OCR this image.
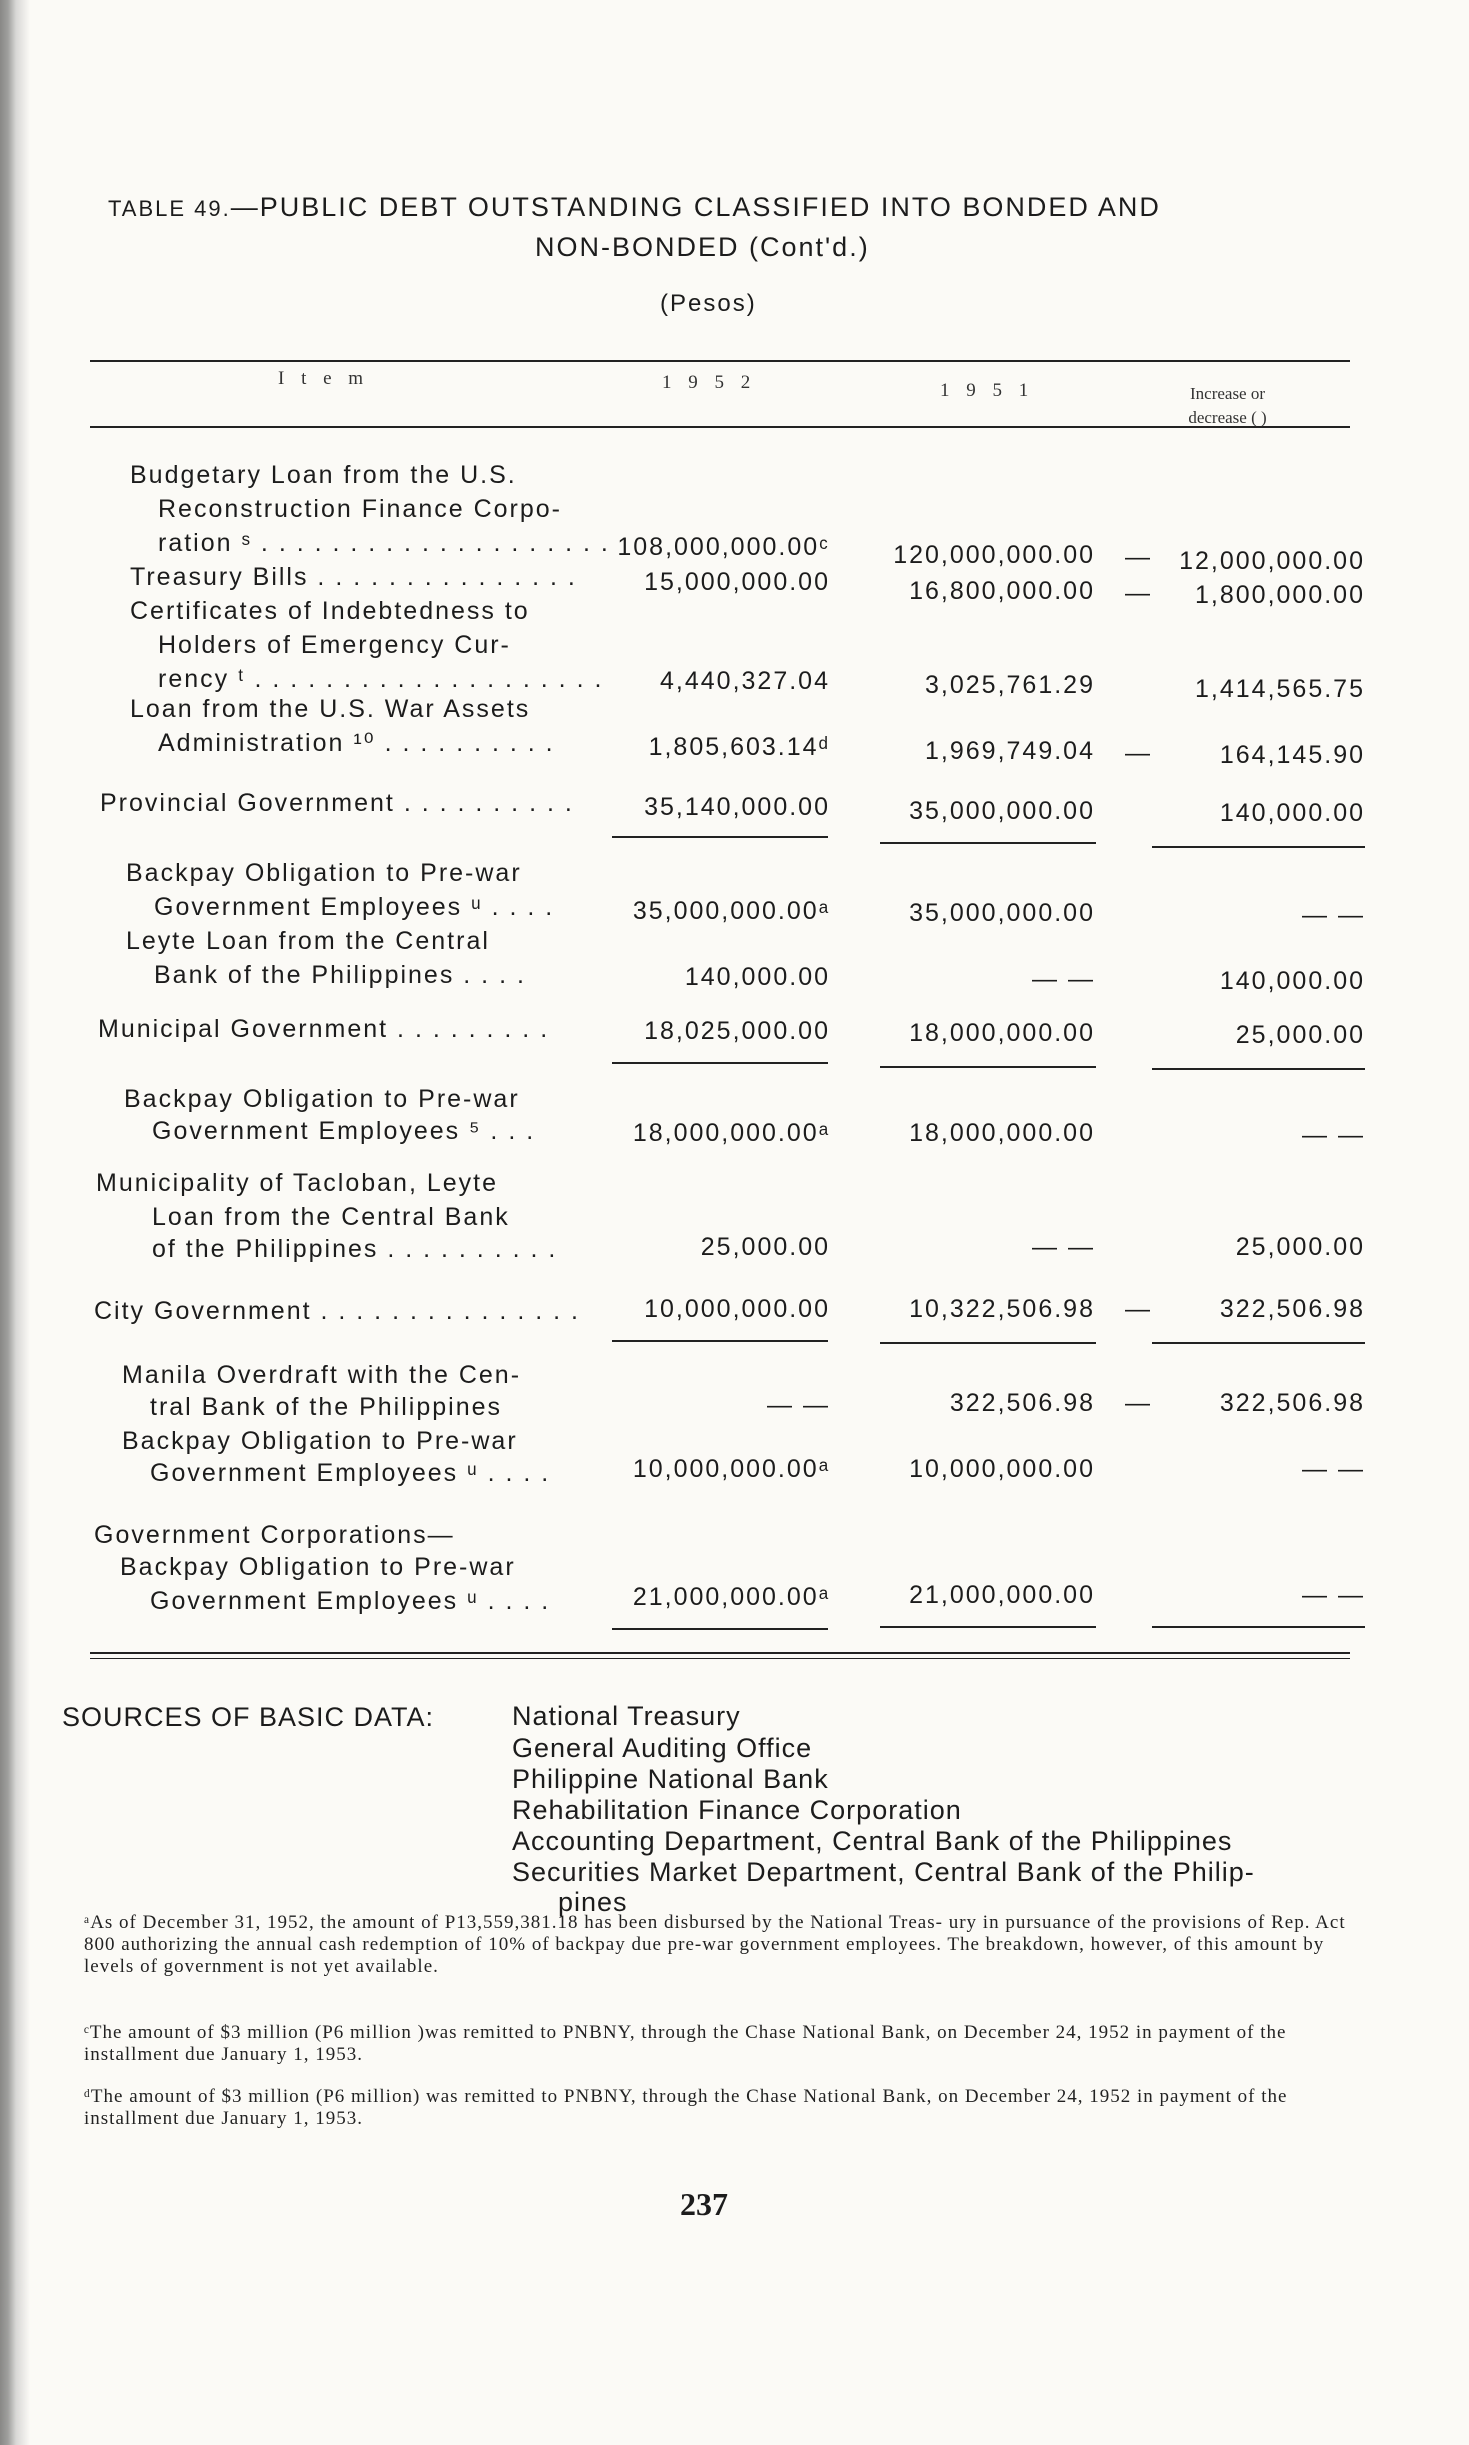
TABLE 49.—PUBLIC DEBT OUTSTANDING CLASSIFIED INTO BONDED AND
NON-BONDED (Cont'd.)
(Pesos)
I t e m	1 9 5 2	1 9 5 1	Increase or
decrease ( )
Budgetary Loan from the U.S.
Reconstruction Finance Corpo-
ration ˢ . . . . . . . . . . . . . . . . . . . . 108,000,000.00ᶜ	120,000,000.00 —	12,000,000.00
Treasury Bills . . . . . . . . . . . . . . .	15,000,000.00	16,800,000.00 —	1,800,000.00
Certificates of Indebtedness to
Holders of Emergency Cur-
rency ᵗ . . . . . . . . . . . . . . . . . . . .	4,440,327.04	3,025,761.29	1,414,565.75
Loan from the U.S. War Assets
Administration ¹⁰ . . . . . . . . . .	1,805,603.14ᵈ	1,969,749.04 —	164,145.90
Provincial Government . . . . . . . . . .	35,140,000.00	35,000,000.00	140,000.00
Backpay Obligation to Pre-war
Government Employees ᵘ . . . .	35,000,000.00ᵃ	35,000,000.00	— —
Leyte Loan from the Central
Bank of the Philippines . . . .	140,000.00	— —	140,000.00
Municipal Government . . . . . . . . .	18,025,000.00	18,000,000.00	25,000.00
Backpay Obligation to Pre-war
Government Employees ⁵ . . .	18,000,000.00ᵃ	18,000,000.00	— —
Municipality of Tacloban, Leyte
Loan from the Central Bank
of the Philippines . . . . . . . . . .	25,000.00	— —	25,000.00
City Government . . . . . . . . . . . . . . .	10,000,000.00	10,322,506.98 —	322,506.98
Manila Overdraft with the Cen-
tral Bank of the Philippines	— —	322,506.98 —	322,506.98
Backpay Obligation to Pre-war
Government Employees ᵘ . . . .	10,000,000.00ᵃ	10,000,000.00	— —
Government Corporations—
Backpay Obligation to Pre-war
Government Employees ᵘ . . . .	21,000,000.00ᵃ	21,000,000.00	— —
SOURCES OF BASIC DATA:	National Treasury
General Auditing Office
Philippine National Bank
Rehabilitation Finance Corporation
Accounting Department, Central Bank of the Philippines
Securities Market Department, Central Bank of the Philip-
pines
ᵃAs of December 31, 1952, the amount of P13,559,381.18 has been disbursed by the National Treas- ury in pursuance of the provisions of Rep. Act 800 authorizing the annual cash redemption of 10% of backpay due pre-war government employees. The breakdown, however, of this amount by levels of government is not yet available.
ᶜThe amount of $3 million (P6 million )was remitted to PNBNY, through the Chase National Bank, on December 24, 1952 in payment of the installment due January 1, 1953.
ᵈThe amount of $3 million (P6 million) was remitted to PNBNY, through the Chase National Bank, on December 24, 1952 in payment of the installment due January 1, 1953.
237
